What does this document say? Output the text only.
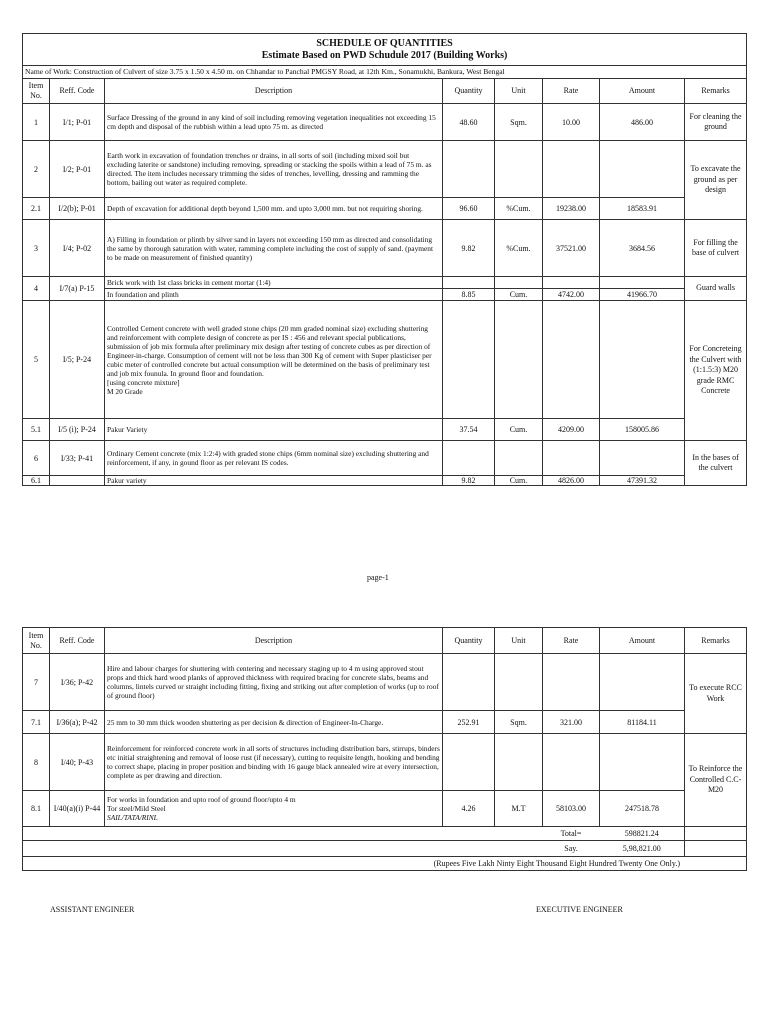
SCHEDULE OF QUANTITIES
Estimate Based on PWD Schudule 2017 (Building Works)							

Name of Work: Construction of Culvert of size 3.75 x 1.50 x 4.50 m. on Chhandar to Panchal PMGSY Road, at 12th Km., Sonamukhi, Bankura, West Bengal							
Item No.	Reff. Code	Description	Quantity	Unit	Rate	Amount	Remarks
1	I/1; P-01	Surface Dressing of the ground in any kind of soil including removing vegetation inequalities not exceeding 15 cm depth and disposal of the rubbish within a lead upto 75 m. as directed	48.60	Sqm.	10.00	486.00	For cleaning the ground
2	I/2; P-01	Earth work in excavation of foundation trenches or drains, in all sorts of soil (including mixed soil but excluding laterite or sandstone) including removing, spreading or stacking the spoils within a lead of 75 m. as directed. The item includes necessary trimming the sides of trenches, levelling, dressing and ramming the bottom, bailing out water as required complete.					To excavate the ground as per design
2.1	I/2(b); P-01	Depth of excavation for additional depth beyond 1,500 mm. and upto 3,000 mm. but not requiring shoring.	96.60	%Cum.	19238.00	18583.91	
3	I/4; P-02	A) Filling in foundation or plinth by silver sand in layers not exceeding 150 mm as directed and consolidating the same by thorough saturation with water, ramming complete including the cost of supply of sand. (payment to be made on measurement of finished quantity)	9.82	%Cum.	37521.00	3684.56	For filling the base of culvert
4	I/7(a) P-15	Brick work with 1st class bricks in cement mortar (1:4)					Guard walls
		In foundation and plinth	8.85	Cum.	4742.00	41966.70	
5	I/5; P-24	Controlled Cement concrete with well graded stone chips (20 mm graded nominal size) excluding shuttering and reinforcement with complete design of concrete as per IS : 456 and relevant special publications, submission of job mix formula after preliminary mix design after testing of concrete cubes as per direction of Engineer-in-charge. Consumption of cement will not be less than 300 Kg of cement with Super plasticiser per cubic meter of controlled concrete but actual consumption will be determined on the basis of preliminary test and job mix founula. In ground floor and foundation.
[using concrete mixture]
M 20 Grade					For Concreteing the Culvert with (1:1.5:3) M20 grade RMC Concrete
5.1	I/5 (i); P-24	Pakur Variety	37.54	Cum.	4209.00	158005.86	
6	I/33; P-41	Ordinary Cement concrete (mix 1:2:4) with graded stone chips (6mm nominal size) excluding shuttering and reinforcement, if any, in gound floor as per relevant IS codes.					In the bases of the culvert
6.1		Pakur variety	9.82	Cum.	4826.00	47391.32	
page-1
Item No.	Reff. Code	Description	Quantity	Unit	Rate	Amount	Remarks
7	I/36; P-42	Hire and labour charges for shuttering with centering and necessary staging up to 4 m using approved stout props and thick hard wood planks of approved thickness with required bracing for concrete slabs, beams and columns, lintels curved or straight including fitting, fixing and striking out after completion of works (up to roof of ground floor)					To execute RCC Work
7.1	I/36(a); P-42	25 mm to 30 mm thick wooden shuttering as per decision & direction of Engineer-In-Charge.	252.91	Sqm.	321.00	81184.11	
8	I/40; P-43	Reinforcement for reinforced concrete work in all sorts of structures including distribution bars, stirrups, binders etc initial straightening and removal of loose rust (if necessary), cutting to requisite length, hooking and bending to correct shape, placing in proper position and binding with 16 gauge black annealed wire at every intersection, complete as per drawing and direction.					To Reinforce the Controlled C.C-M20
8.1	I/40(a)(i) P-44	For works in foundation and upto roof of ground floor/upto 4 m
Tor steel/Mild Steel
SAIL/TATA/RINL	4.26	M.T	58103.00	247518.78	
					Total=	598821.24	
					Say.	5,98,821.00	
(Rupees Five Lakh Ninty Eight Thousand Eight Hundred Twenty One Only.)							
ASSISTANT ENGINEER	EXECUTIVE ENGINEER
